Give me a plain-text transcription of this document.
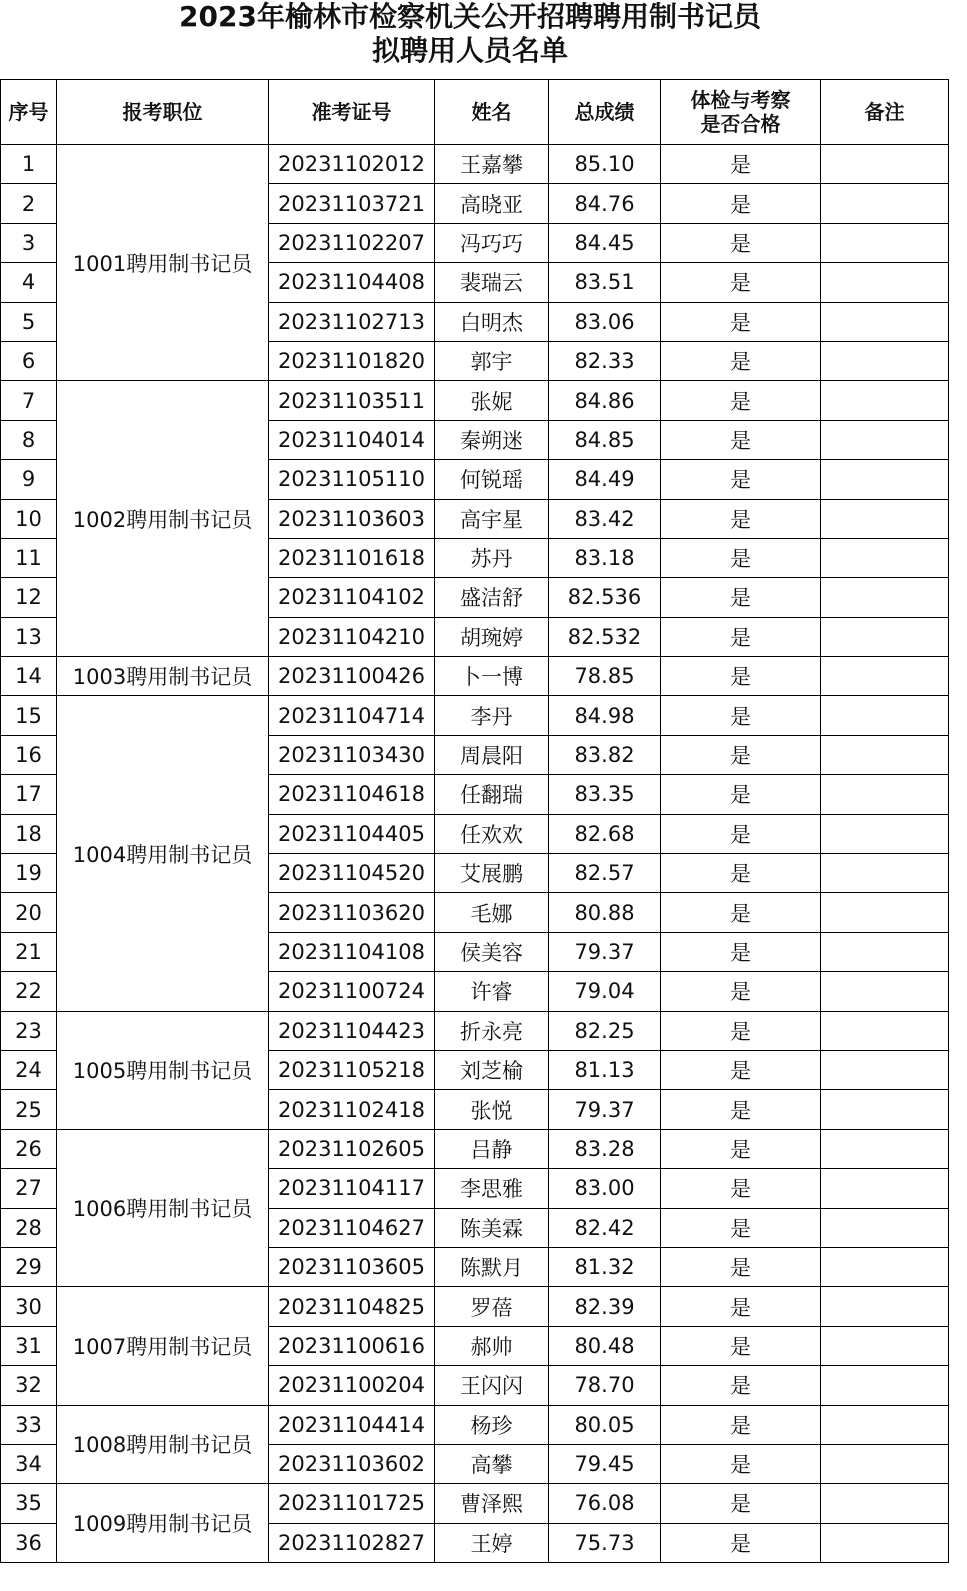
2023年榆林市检察机关公开招聘聘用制书记员
拟聘用人员名单
序号	报考职位	准考证号	姓名	总成绩	体检与考察是否合格	备注
1	1001聘用制书记员	20231102012	王嘉攀	85.10	是	
2		20231103721	高晓亚	84.76	是	
3		20231102207	冯巧巧	84.45	是	
4		20231104408	裴瑞云	83.51	是	
5		20231102713	白明杰	83.06	是	
6		20231101820	郭宇	82.33	是	
7	1002聘用制书记员	20231103511	张妮	84.86	是	
8		20231104014	秦朔迷	84.85	是	
9		20231105110	何锐瑶	84.49	是	
10		20231103603	高宇星	83.42	是	
11		20231101618	苏丹	83.18	是	
12		20231104102	盛洁舒	82.536	是	
13		20231104210	胡琬婷	82.532	是	
14	1003聘用制书记员	20231100426	卜一博	78.85	是	
15	1004聘用制书记员	20231104714	李丹	84.98	是	
16		20231103430	周晨阳	83.82	是	
17		20231104618	任翻瑞	83.35	是	
18		20231104405	任欢欢	82.68	是	
19		20231104520	艾展鹏	82.57	是	
20		20231103620	毛娜	80.88	是	
21		20231104108	侯美容	79.37	是	
22		20231100724	许睿	79.04	是	
23	1005聘用制书记员	20231104423	折永亮	82.25	是	
24		20231105218	刘芝榆	81.13	是	
25		20231102418	张悦	79.37	是	
26	1006聘用制书记员	20231102605	吕静	83.28	是	
27		20231104117	李思雅	83.00	是	
28		20231104627	陈美霖	82.42	是	
29		20231103605	陈默月	81.32	是	
30	1007聘用制书记员	20231104825	罗蓓	82.39	是	
31		20231100616	郝帅	80.48	是	
32		20231100204	王闪闪	78.70	是	
33	1008聘用制书记员	20231104414	杨珍	80.05	是	
34		20231103602	高攀	79.45	是	
35	1009聘用制书记员	20231101725	曹泽熙	76.08	是	
36		20231102827	王婷	75.73	是	
